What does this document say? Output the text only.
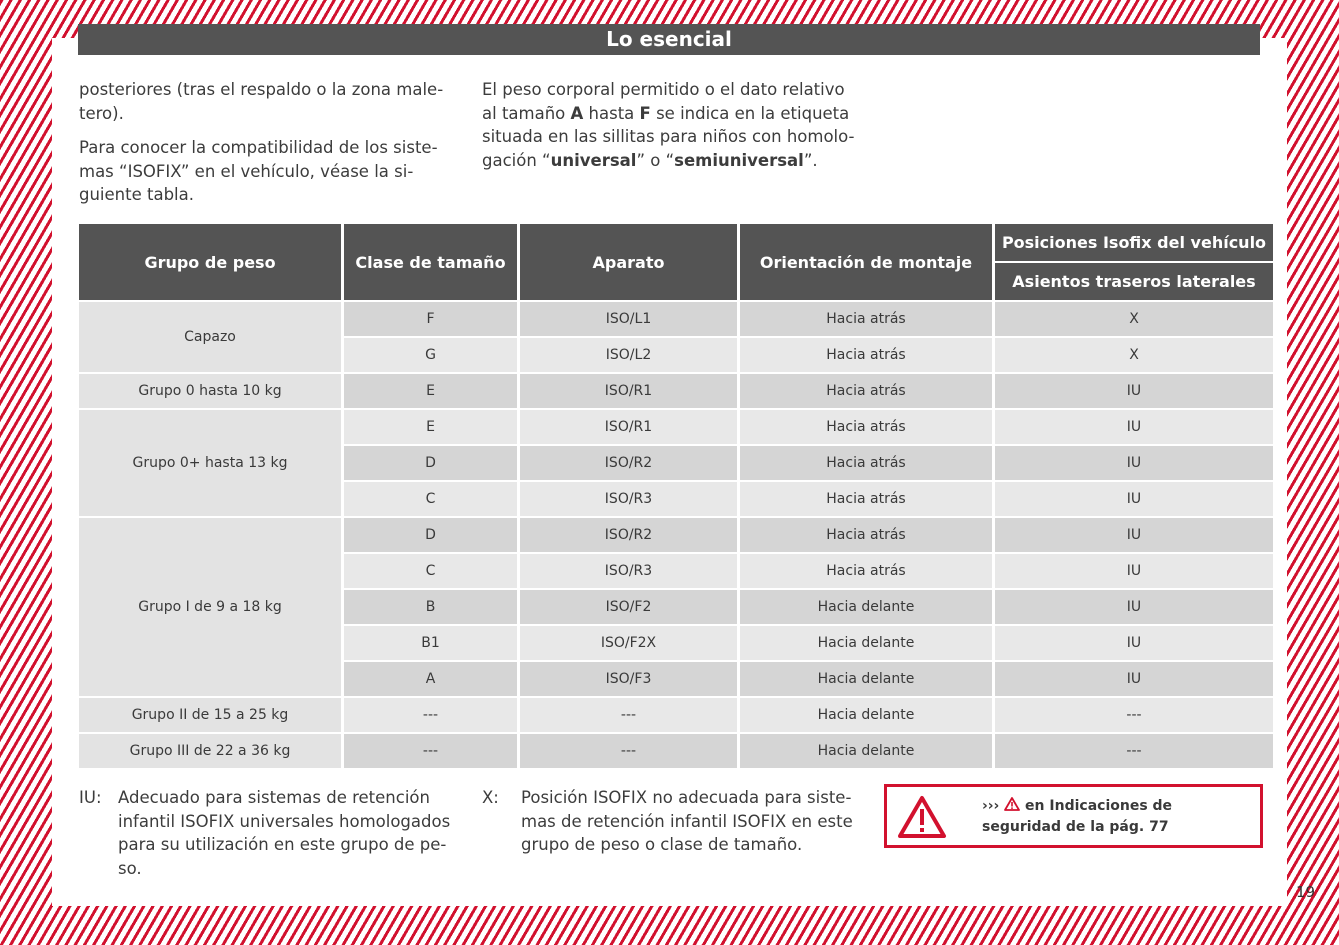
Lo esencial

posteriores (tras el respaldo o la zona male-tero).

Para conocer la compatibilidad de los siste-mas “ISOFIX” en el vehículo, véase la si-guiente tabla.

El peso corporal permitido o el dato relativo al tamaño A hasta F se indica en la etiqueta situada en las sillitas para niños con homolo-gación “universal” o “semiuniversal”.

Grupo de peso	Clase de tamaño	Aparato	Orientación de montaje	Posiciones Isofix del vehículo
				Asientos traseros laterales
Capazo	F	ISO/L1	Hacia atrás	X
	G	ISO/L2	Hacia atrás	X
Grupo 0 hasta 10 kg	E	ISO/R1	Hacia atrás	IU
Grupo 0+ hasta 13 kg	E	ISO/R1	Hacia atrás	IU
	D	ISO/R2	Hacia atrás	IU
	C	ISO/R3	Hacia atrás	IU
Grupo I de 9 a 18 kg	D	ISO/R2	Hacia atrás	IU
	C	ISO/R3	Hacia atrás	IU
	B	ISO/F2	Hacia delante	IU
	B1	ISO/F2X	Hacia delante	IU
	A	ISO/F3	Hacia delante	IU
Grupo II de 15 a 25 kg	---	---	Hacia delante	---
Grupo III de 22 a 36 kg	---	---	Hacia delante	---
IU: Adecuado para sistemas de retención infantil ISOFIX universales homologados para su utilización en este grupo de pe-so.
X: Posición ISOFIX no adecuada para siste-mas de retención infantil ISOFIX en este grupo de peso o clase de tamaño.
›››  en Indicaciones de seguridad de la pág. 77
19
